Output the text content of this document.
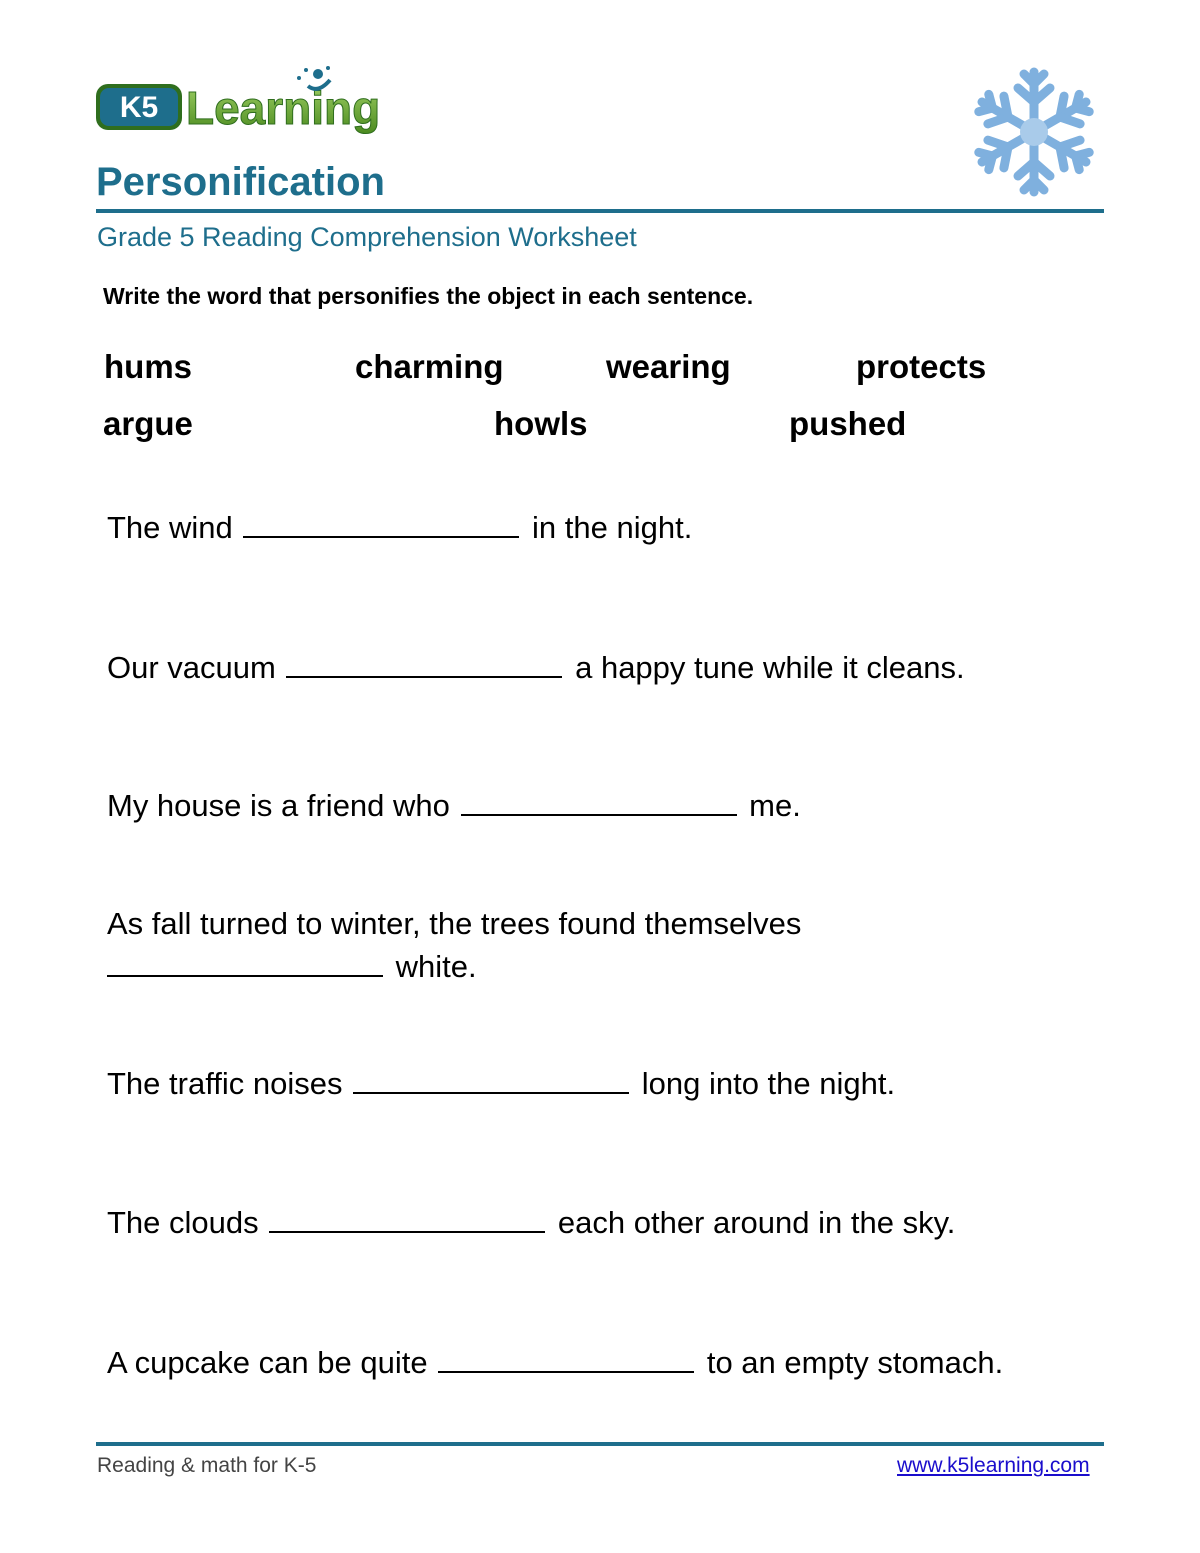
K5 Learning
Personification
Grade 5 Reading Comprehension Worksheet
Write the word that personifies the object in each sentence.
hums	charming	wearing	protects
argue	howls	pushed
The wind	in the night.
Our vacuum	a happy tune while it cleans.
My house is a friend who	me.
As fall turned to winter, the trees found themselves
white.
The traffic noises	long into the night.
The clouds	each other around in the sky.
A cupcake can be quite	to an empty stomach.
Reading & math for K-5	www.k5learning.com
